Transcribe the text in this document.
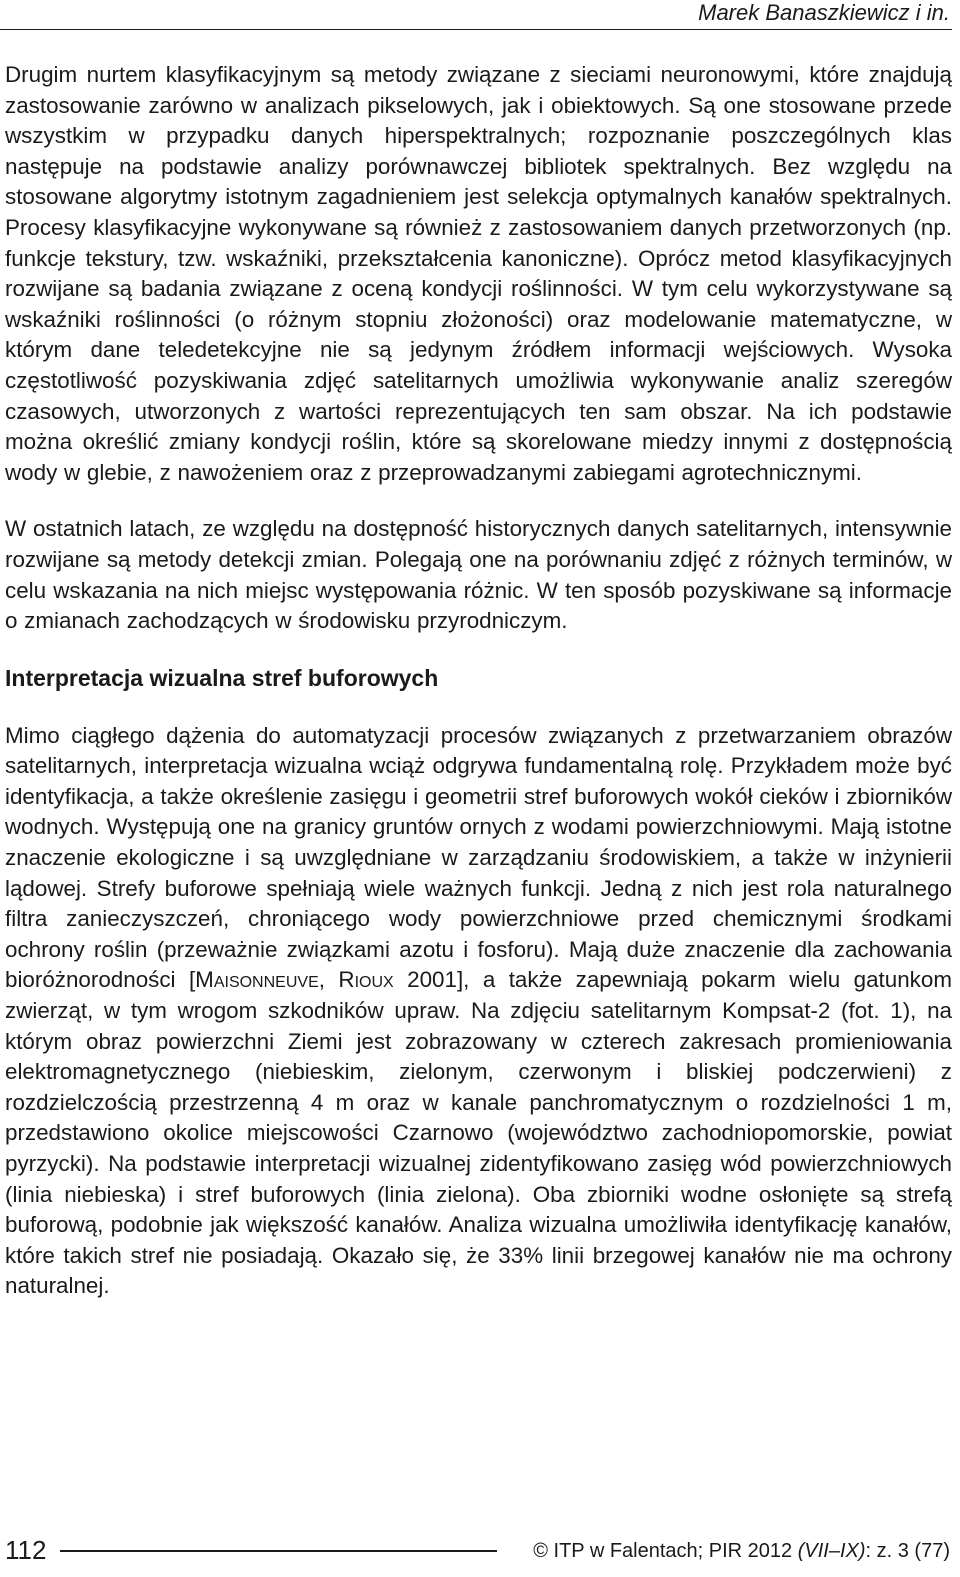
Marek Banaszkiewicz i in.

Drugim nurtem klasyfikacyjnym są metody związane z sieciami neuronowymi, które znajdują zastosowanie zarówno w analizach pikselowych, jak i obiektowych. Są one stosowane przede wszystkim w przypadku danych hiperspektralnych; rozpoznanie poszczególnych klas następuje na podstawie analizy porównawczej bibliotek spektralnych. Bez względu na stosowane algorytmy istotnym zagadnieniem jest selekcja optymalnych kanałów spektralnych. Procesy klasyfikacyjne wykonywane są również z zastosowaniem danych przetworzonych (np. funkcje tekstury, tzw. wskaźniki, przekształcenia kanoniczne). Oprócz metod klasyfikacyjnych rozwijane są badania związane z oceną kondycji roślinności. W tym celu wykorzystywane są wskaźniki roślinności (o różnym stopniu złożoności) oraz modelowanie matematyczne, w którym dane teledetekcyjne nie są jedynym źródłem informacji wejściowych. Wysoka częstotliwość pozyskiwania zdjęć satelitarnych umożliwia wykonywanie analiz szeregów czasowych, utworzonych z wartości reprezentujących ten sam obszar. Na ich podstawie można określić zmiany kondycji roślin, które są skorelowane miedzy innymi z dostępnością wody w glebie, z nawożeniem oraz z przeprowadzanymi zabiegami agrotechnicznymi.

W ostatnich latach, ze względu na dostępność historycznych danych satelitarnych, intensywnie rozwijane są metody detekcji zmian. Polegają one na porównaniu zdjęć z różnych terminów, w celu wskazania na nich miejsc występowania różnic. W ten sposób pozyskiwane są informacje o zmianach zachodzących w środowisku przyrodniczym.

Interpretacja wizualna stref buforowych

Mimo ciągłego dążenia do automatyzacji procesów związanych z przetwarzaniem obrazów satelitarnych, interpretacja wizualna wciąż odgrywa fundamentalną rolę. Przykładem może być identyfikacja, a także określenie zasięgu i geometrii stref buforowych wokół cieków i zbiorników wodnych. Występują one na granicy gruntów ornych z wodami powierzchniowymi. Mają istotne znaczenie ekologiczne i są uwzględniane w zarządzaniu środowiskiem, a także w inżynierii lądowej. Strefy buforowe spełniają wiele ważnych funkcji. Jedną z nich jest rola naturalnego filtra zanieczyszczeń, chroniącego wody powierzchniowe przed chemicznymi środkami ochrony roślin (przeważnie związkami azotu i fosforu). Mają duże znaczenie dla zachowania bioróżnorodności [Maisonneuve, Rioux 2001], a także zapewniają pokarm wielu gatunkom zwierząt, w tym wrogom szkodników upraw. Na zdjęciu satelitarnym Kompsat-2 (fot. 1), na którym obraz powierzchni Ziemi jest zobrazowany w czterech zakresach promieniowania elektromagnetycznego (niebieskim, zielonym, czerwonym i bliskiej podczerwieni) z rozdzielczością przestrzenną 4 m oraz w kanale panchromatycznym o rozdzielności 1 m, przedstawiono okolice miejscowości Czarnowo (województwo zachodniopomorskie, powiat pyrzycki). Na podstawie interpretacji wizualnej zidentyfikowano zasięg wód powierzchniowych (linia niebieska) i stref buforowych (linia zielona). Oba zbiorniki wodne osłonięte są strefą buforową, podobnie jak większość kanałów. Analiza wizualna umożliwiła identyfikację kanałów, które takich stref nie posiadają. Okazało się, że 33% linii brzegowej kanałów nie ma ochrony naturalnej.

112	© ITP w Falentach; PIR 2012 (VII–IX): z. 3 (77)
